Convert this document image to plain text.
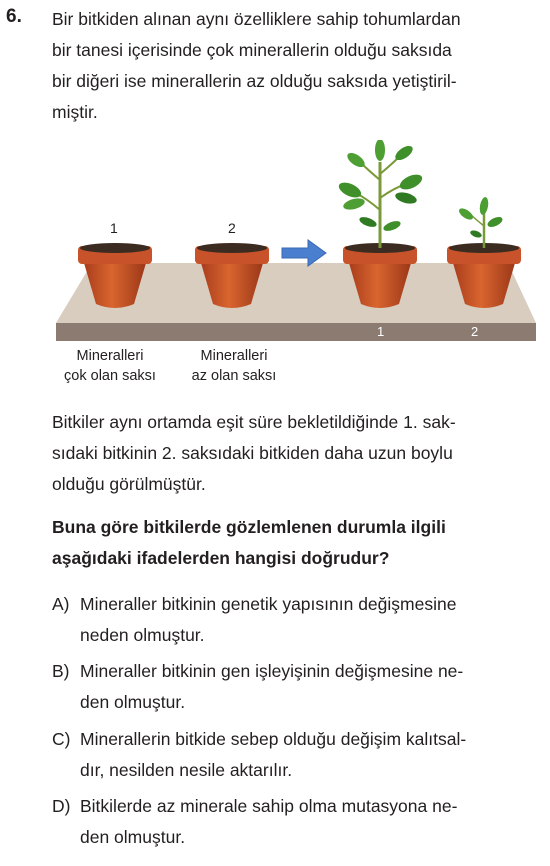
6. Bir bitkiden alınan aynı özelliklere sahip tohumlardan
bir tanesi içerisinde çok minerallerin olduğu saksıda
bir diğeri ise minerallerin az olduğu saksıda yetiştiril-
miştir.

1	2
1	2
Mineralleri
çok olan saksı
Mineralleri
az olan saksı

Bitkiler aynı ortamda eşit süre bekletildiğinde 1. sak-
sıdaki bitkinin 2. saksıdaki bitkiden daha uzun boylu
olduğu görülmüştür.

Buna göre bitkilerde gözlemlenen durumla ilgili
aşağıdaki ifadelerden hangisi doğrudur?

A) Mineraller bitkinin genetik yapısının değişmesine
neden olmuştur.
B) Mineraller bitkinin gen işleyişinin değişmesine ne-
den olmuştur.
C) Minerallerin bitkide sebep olduğu değişim kalıtsal-
dır, nesilden nesile aktarılır.
D) Bitkilerde az minerale sahip olma mutasyona ne-
den olmuştur.
